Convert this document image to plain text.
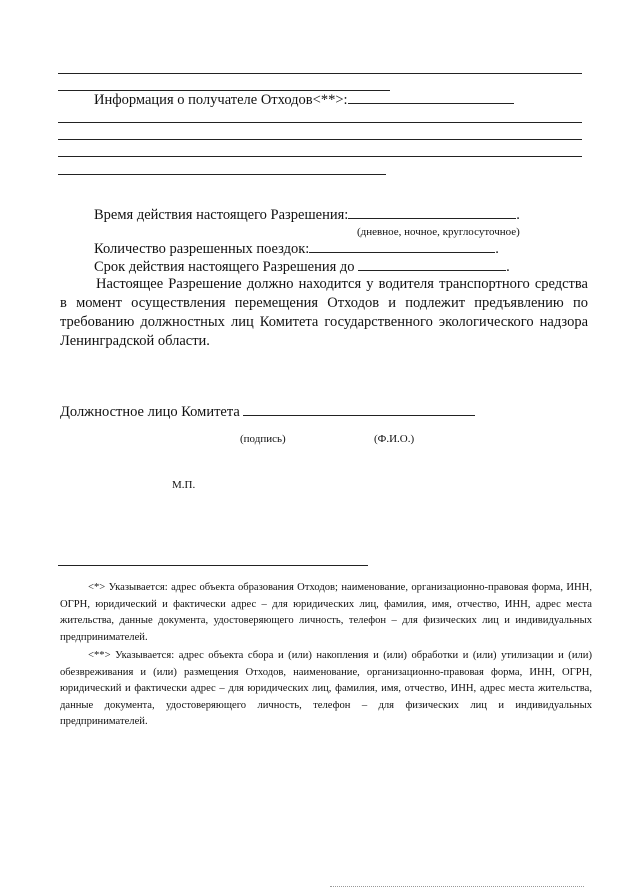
Информация о получателе Отходов<**>:
Время действия настоящего Разрешения:	.
(дневное, ночное, круглосуточное)
Количество разрешенных поездок:	.
Срок действия настоящего Разрешения до	.
Настоящее Разрешение должно находится у водителя транспортного средства в момент осуществления перемещения Отходов и подлежит предъявлению по требованию должностных лиц Комитета государственного экологического надзора Ленинградской области.
Должностное лицо Комитета
(подпись)	(Ф.И.О.)
М.П.
<*> Указывается: адрес объекта образования Отходов; наименование, организационно-правовая форма, ИНН, ОГРН, юридический и фактически адрес – для юридических лиц, фамилия, имя, отчество, ИНН, адрес места жительства, данные документа, удостоверяющего личность, телефон – для физических лиц и индивидуальных предпринимателей.
<**> Указывается: адрес объекта сбора и (или) накопления и (или) обработки и (или) утилизации и (или) обезвреживания и (или) размещения Отходов, наименование, организационно-правовая форма, ИНН, ОГРН, юридический и фактически адрес – для юридических лиц, фамилия, имя, отчество, ИНН, адрес места жительства, данные документа, удостоверяющего личность, телефон – для физических лиц и индивидуальных предпринимателей.
